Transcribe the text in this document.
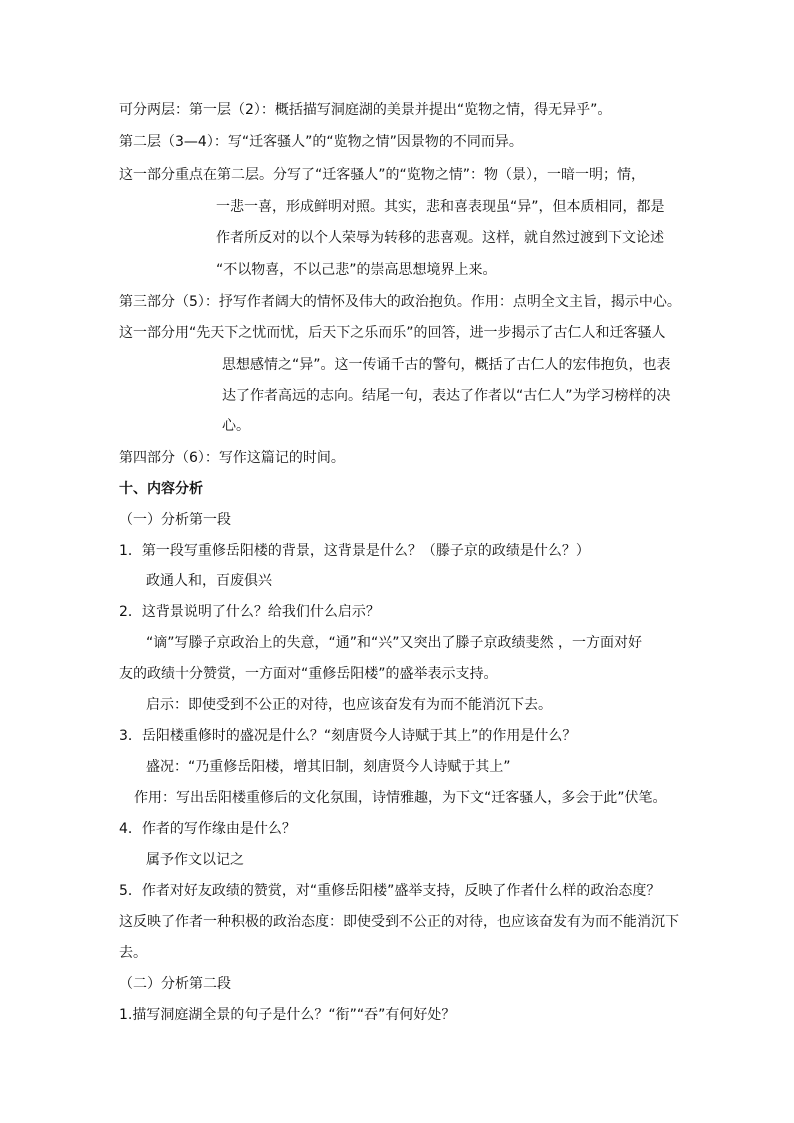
可分两层：第一层（2）：概括描写洞庭湖的美景并提出“览物之情，得无异乎”。
第二层（3—4）：写“迁客骚人”的“览物之情”因景物的不同而异。
这一部分重点在第二层。分写了“迁客骚人”的“览物之情”：物（景），一暗一明；情，
一悲一喜，形成鲜明对照。其实，悲和喜表现虽“异”，但本质相同，都是
作者所反对的以个人荣辱为转移的悲喜观。这样，就自然过渡到下文论述
“不以物喜，不以己悲”的崇高思想境界上来。
第三部分（5）：抒写作者阔大的情怀及伟大的政治抱负。作用：点明全文主旨，揭示中心。
这一部分用“先天下之忧而忧，后天下之乐而乐”的回答，进一步揭示了古仁人和迁客骚人
思想感情之“异”。这一传诵千古的警句，概括了古仁人的宏伟抱负，也表
达了作者高远的志向。结尾一句，表达了作者以“古仁人”为学习榜样的决
心。
第四部分（6）：写作这篇记的时间。
十、内容分析
（一）分析第一段
1．第一段写重修岳阳楼的背景，这背景是什么？（滕子京的政绩是什么？）
政通人和，百废俱兴
2．这背景说明了什么？给我们什么启示？
“谪”写滕子京政治上的失意，“通”和“兴”又突出了滕子京政绩斐然 ，一方面对好
友的政绩十分赞赏，一方面对“重修岳阳楼”的盛举表示支持。
启示：即使受到不公正的对待，也应该奋发有为而不能消沉下去。
3．岳阳楼重修时的盛况是什么？“刻唐贤今人诗赋于其上”的作用是什么？
盛况：“乃重修岳阳楼，增其旧制，刻唐贤今人诗赋于其上”
作用：写出岳阳楼重修后的文化氛围，诗情雅趣，为下文“迁客骚人，多会于此”伏笔。
4．作者的写作缘由是什么？
属予作文以记之
5．作者对好友政绩的赞赏，对“重修岳阳楼”盛举支持，反映了作者什么样的政治态度？
这反映了作者一种积极的政治态度：即使受到不公正的对待，也应该奋发有为而不能消沉下
去。
（二）分析第二段
1.描写洞庭湖全景的句子是什么？“衔”“吞”有何好处？
